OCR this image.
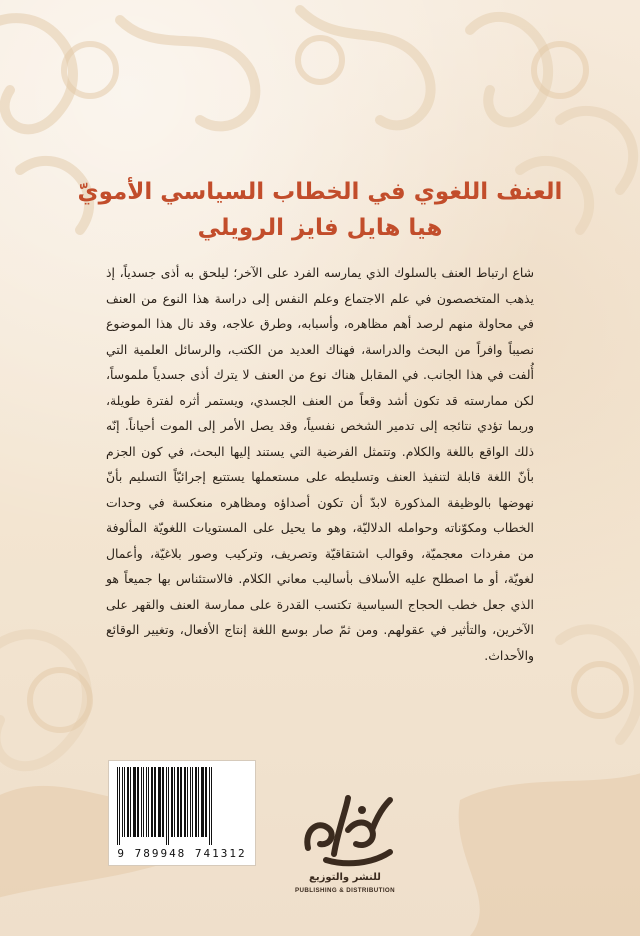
العنف اللغوي في الخطاب السياسي الأمويّ
هيا هايل فايز الرويلي

شاع ارتباط العنف بالسلوك الذي يمارسه الفرد على الآخر؛ ليلحق به أذى جسدياً، إذ يذهب المتخصصون في علم الاجتماع وعلم النفس إلى دراسة هذا النوع من العنف في محاولة منهم لرصد أهم مظاهره، وأسبابه، وطرق علاجه، وقد نال هذا الموضوع نصيباً وافراً من البحث والدراسة، فهناك العديد من الكتب، والرسائل العلمية التي أُلفت في هذا الجانب. في المقابل هناك نوع من العنف لا يترك أذى جسدياً ملموساً، لكن ممارسته قد تكون أشد وقعاً من العنف الجسدي، ويستمر أثره لفترة طويلة، وربما تؤدي نتائجه إلى تدمير الشخص نفسياً، وقد يصل الأمر إلى الموت أحياناً. إنّه ذلك الواقع باللغة والكلام. وتتمثل الفرضية التي يستند إليها البحث، في كون الجزم بأنّ اللغة قابلة لتنفيذ العنف وتسليطه على مستعملها يستتبع إجرائيّاً التسليم بأنّ نهوضها بالوظيفة المذكورة لابدّ أن تكون أصداؤه ومظاهره منعكسة في وحدات الخطاب ومكوّناته وحوامله الدلاليّة، وهو ما يحيل على المستويات اللغويّة المألوفة من مفردات معجميّة، وقوالب اشتقاقيّة وتصريف، وتركيب وصور بلاغيّة، وأعمال لغويّة، أو ما اصطلح عليه الأسلاف بأساليب معاني الكلام. فالاستئناس بها جميعاً هو الذي جعل خطب الحجاج السياسية تكتسب القدرة على ممارسة العنف والقهر على الآخرين، والتأثير في عقولهم. ومن ثمّ صار بوسع اللغة إنتاج الأفعال، وتغيير الوقائع والأحداث.

9 789948 741312
للنشر والتوزيع
PUBLISHING & DISTRIBUTION
